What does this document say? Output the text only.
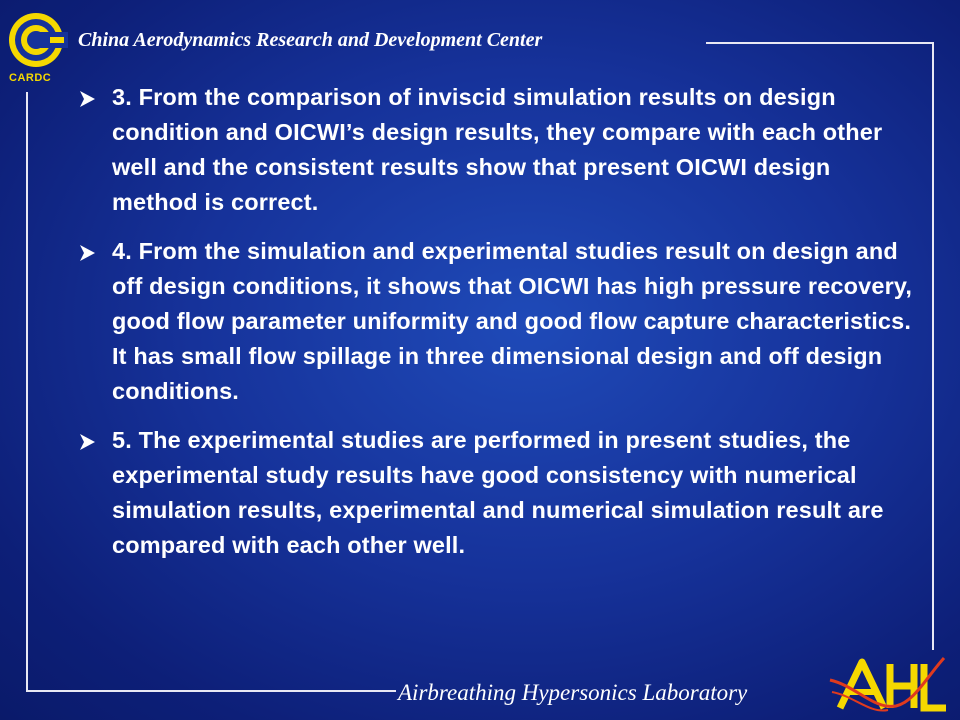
CARDC
China Aerodynamics Research and Development Center
3. From the comparison of inviscid simulation results on design condition and OICWI’s design results, they compare with each other well and the consistent results show that present OICWI design method is correct.
4. From the simulation and experimental studies result on design and off design conditions, it shows that OICWI has high pressure recovery, good flow parameter uniformity and good flow capture characteristics. It has small flow spillage in three dimensional design and off design conditions.
5. The experimental studies are performed in present studies, the experimental study results have good consistency with numerical simulation results, experimental and numerical simulation result are compared with each other well.
Airbreathing Hypersonics Laboratory
